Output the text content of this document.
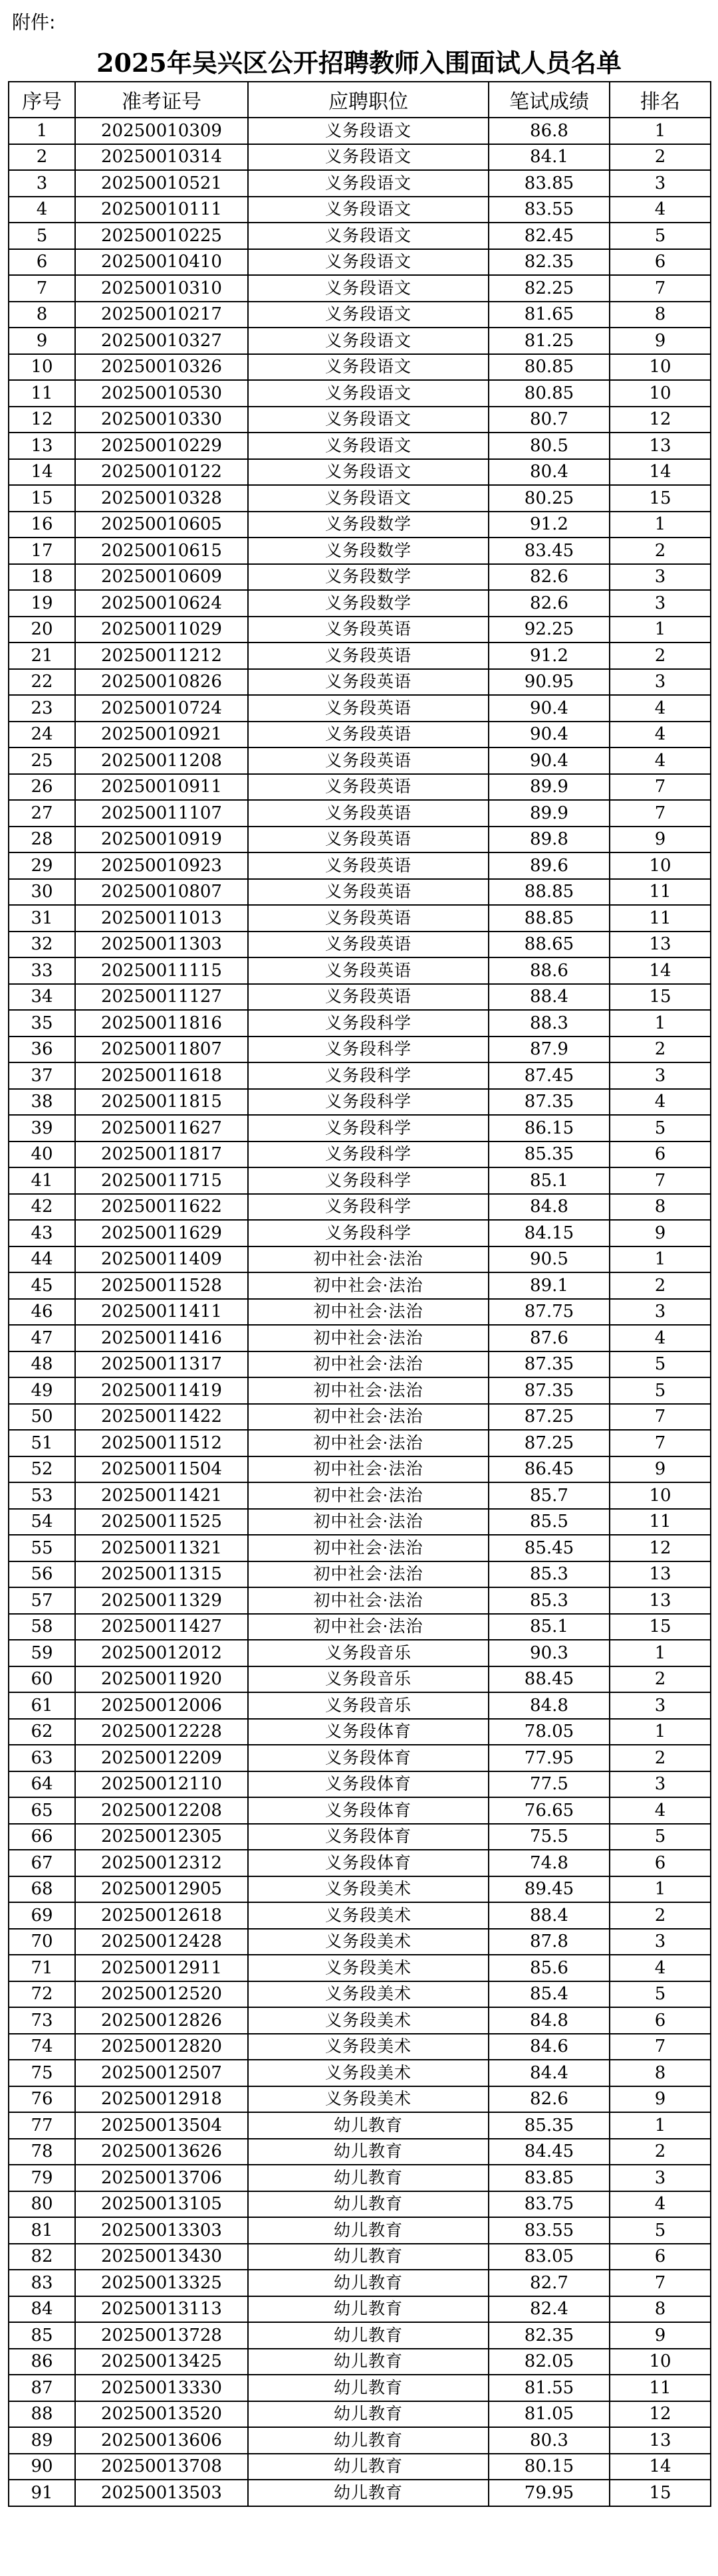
附件:
2025年吴兴区公开招聘教师入围面试人员名单
序号	准考证号	应聘职位	笔试成绩	排名
1	20250010309	义务段语文	86.8	1
2	20250010314	义务段语文	84.1	2
3	20250010521	义务段语文	83.85	3
4	20250010111	义务段语文	83.55	4
5	20250010225	义务段语文	82.45	5
6	20250010410	义务段语文	82.35	6
7	20250010310	义务段语文	82.25	7
8	20250010217	义务段语文	81.65	8
9	20250010327	义务段语文	81.25	9
10	20250010326	义务段语文	80.85	10
11	20250010530	义务段语文	80.85	10
12	20250010330	义务段语文	80.7	12
13	20250010229	义务段语文	80.5	13
14	20250010122	义务段语文	80.4	14
15	20250010328	义务段语文	80.25	15
16	20250010605	义务段数学	91.2	1
17	20250010615	义务段数学	83.45	2
18	20250010609	义务段数学	82.6	3
19	20250010624	义务段数学	82.6	3
20	20250011029	义务段英语	92.25	1
21	20250011212	义务段英语	91.2	2
22	20250010826	义务段英语	90.95	3
23	20250010724	义务段英语	90.4	4
24	20250010921	义务段英语	90.4	4
25	20250011208	义务段英语	90.4	4
26	20250010911	义务段英语	89.9	7
27	20250011107	义务段英语	89.9	7
28	20250010919	义务段英语	89.8	9
29	20250010923	义务段英语	89.6	10
30	20250010807	义务段英语	88.85	11
31	20250011013	义务段英语	88.85	11
32	20250011303	义务段英语	88.65	13
33	20250011115	义务段英语	88.6	14
34	20250011127	义务段英语	88.4	15
35	20250011816	义务段科学	88.3	1
36	20250011807	义务段科学	87.9	2
37	20250011618	义务段科学	87.45	3
38	20250011815	义务段科学	87.35	4
39	20250011627	义务段科学	86.15	5
40	20250011817	义务段科学	85.35	6
41	20250011715	义务段科学	85.1	7
42	20250011622	义务段科学	84.8	8
43	20250011629	义务段科学	84.15	9
44	20250011409	初中社会·法治	90.5	1
45	20250011528	初中社会·法治	89.1	2
46	20250011411	初中社会·法治	87.75	3
47	20250011416	初中社会·法治	87.6	4
48	20250011317	初中社会·法治	87.35	5
49	20250011419	初中社会·法治	87.35	5
50	20250011422	初中社会·法治	87.25	7
51	20250011512	初中社会·法治	87.25	7
52	20250011504	初中社会·法治	86.45	9
53	20250011421	初中社会·法治	85.7	10
54	20250011525	初中社会·法治	85.5	11
55	20250011321	初中社会·法治	85.45	12
56	20250011315	初中社会·法治	85.3	13
57	20250011329	初中社会·法治	85.3	13
58	20250011427	初中社会·法治	85.1	15
59	20250012012	义务段音乐	90.3	1
60	20250011920	义务段音乐	88.45	2
61	20250012006	义务段音乐	84.8	3
62	20250012228	义务段体育	78.05	1
63	20250012209	义务段体育	77.95	2
64	20250012110	义务段体育	77.5	3
65	20250012208	义务段体育	76.65	4
66	20250012305	义务段体育	75.5	5
67	20250012312	义务段体育	74.8	6
68	20250012905	义务段美术	89.45	1
69	20250012618	义务段美术	88.4	2
70	20250012428	义务段美术	87.8	3
71	20250012911	义务段美术	85.6	4
72	20250012520	义务段美术	85.4	5
73	20250012826	义务段美术	84.8	6
74	20250012820	义务段美术	84.6	7
75	20250012507	义务段美术	84.4	8
76	20250012918	义务段美术	82.6	9
77	20250013504	幼儿教育	85.35	1
78	20250013626	幼儿教育	84.45	2
79	20250013706	幼儿教育	83.85	3
80	20250013105	幼儿教育	83.75	4
81	20250013303	幼儿教育	83.55	5
82	20250013430	幼儿教育	83.05	6
83	20250013325	幼儿教育	82.7	7
84	20250013113	幼儿教育	82.4	8
85	20250013728	幼儿教育	82.35	9
86	20250013425	幼儿教育	82.05	10
87	20250013330	幼儿教育	81.55	11
88	20250013520	幼儿教育	81.05	12
89	20250013606	幼儿教育	80.3	13
90	20250013708	幼儿教育	80.15	14
91	20250013503	幼儿教育	79.95	15
